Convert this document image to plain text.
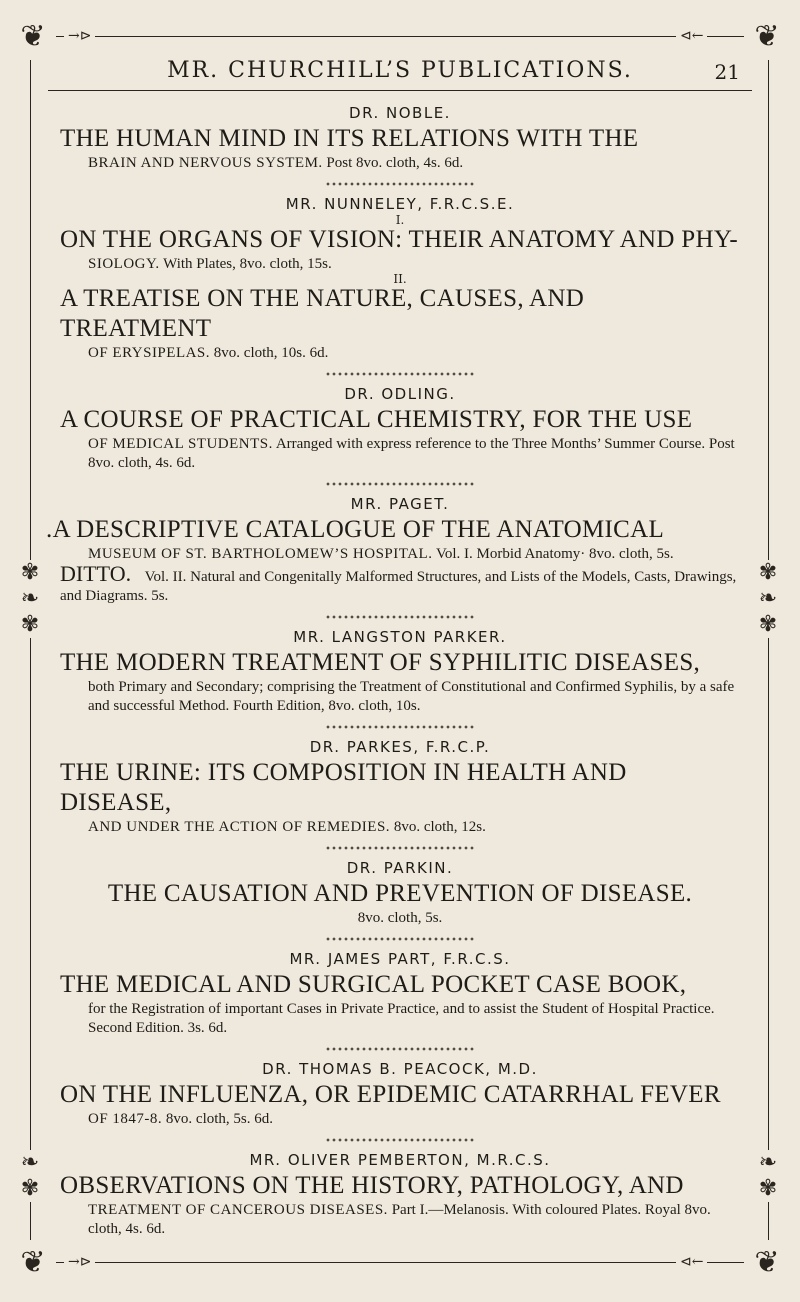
❦	❦
❦	❦
✾
❧
✾
✾
❧
✾
❧
✾
❧
✾
→⊳	⊲←
→⊳	⊲←
MR. CHURCHILL’S PUBLICATIONS.	21

DR. NOBLE.

THE HUMAN MIND IN ITS RELATIONS WITH THE

BRAIN AND NERVOUS SYSTEM. Post 8vo. cloth, 4s. 6d.

MR. NUNNELEY, F.R.C.S.E.

I.

ON THE ORGANS OF VISION: THEIR ANATOMY AND PHY-

SIOLOGY. With Plates, 8vo. cloth, 15s.

II.

A TREATISE ON THE NATURE, CAUSES, AND TREATMENT

OF ERYSIPELAS. 8vo. cloth, 10s. 6d.

DR. ODLING.

A COURSE OF PRACTICAL CHEMISTRY, FOR THE USE

OF MEDICAL STUDENTS. Arranged with express reference to the Three Months’ Summer Course. Post 8vo. cloth, 4s. 6d.

MR. PAGET.

.A DESCRIPTIVE CATALOGUE OF THE ANATOMICAL

MUSEUM OF ST. BARTHOLOMEW’S HOSPITAL. Vol. I. Morbid Anatomy· 8vo. cloth, 5s.

DITTO. Vol. II. Natural and Congenitally Malformed Structures, and Lists of the Models, Casts, Drawings, and Diagrams. 5s.

MR. LANGSTON PARKER.

THE MODERN TREATMENT OF SYPHILITIC DISEASES,

both Primary and Secondary; comprising the Treatment of Constitutional and Confirmed Syphilis, by a safe and successful Method. Fourth Edition, 8vo. cloth, 10s.

DR. PARKES, F.R.C.P.

THE URINE: ITS COMPOSITION IN HEALTH AND DISEASE,

AND UNDER THE ACTION OF REMEDIES. 8vo. cloth, 12s.

DR. PARKIN.

THE CAUSATION AND PREVENTION OF DISEASE.

8vo. cloth, 5s.

MR. JAMES PART, F.R.C.S.

THE MEDICAL AND SURGICAL POCKET CASE BOOK,

for the Registration of important Cases in Private Practice, and to assist the Student of Hospital Practice. Second Edition. 3s. 6d.

DR. THOMAS B. PEACOCK, M.D.

ON THE INFLUENZA, OR EPIDEMIC CATARRHAL FEVER

OF 1847-8. 8vo. cloth, 5s. 6d.

MR. OLIVER PEMBERTON, M.R.C.S.

OBSERVATIONS ON THE HISTORY, PATHOLOGY, AND

TREATMENT OF CANCEROUS DISEASES. Part I.—Melanosis. With coloured Plates. Royal 8vo. cloth, 4s. 6d.
